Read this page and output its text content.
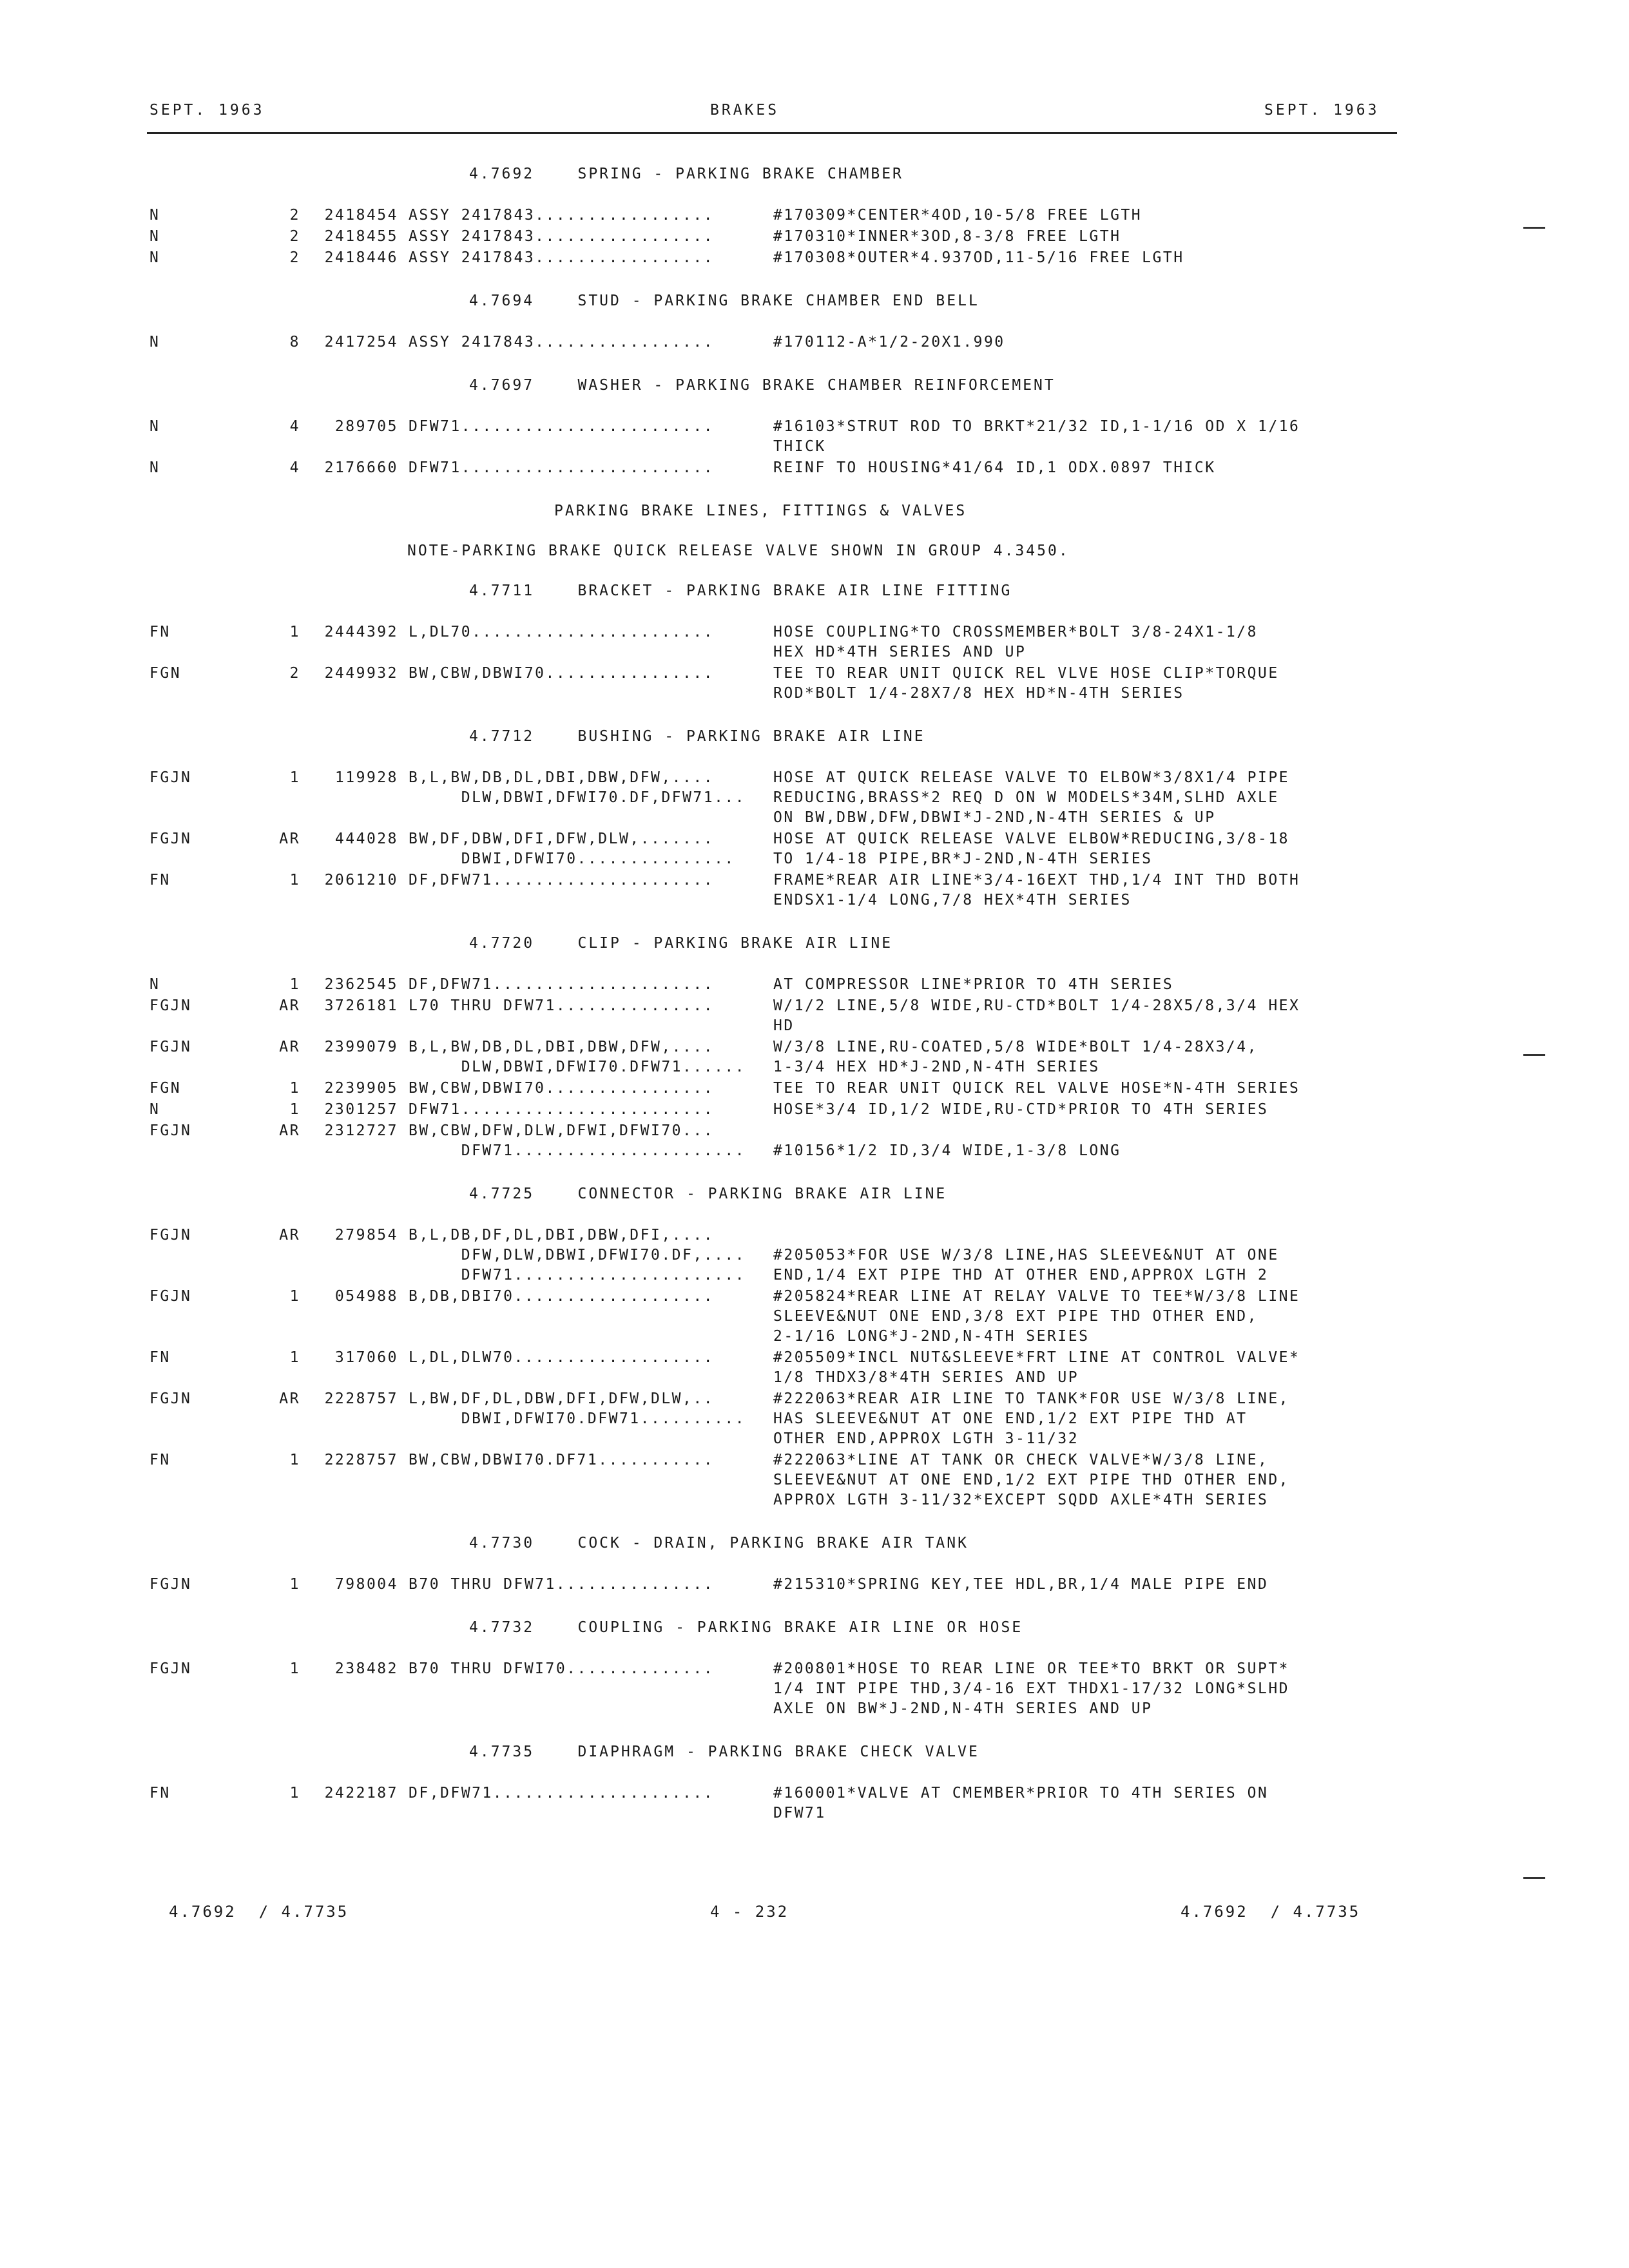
SEPT. 1963	BRAKES	SEPT. 1963
4.7692    SPRING - PARKING BRAKE CHAMBER
N	2	2418454 ASSY 2417843.................	#170309*CENTER*4OD,10-5/8 FREE LGTH
N	2	2418455 ASSY 2417843.................	#170310*INNER*3OD,8-3/8 FREE LGTH
N	2	2418446 ASSY 2417843.................	#170308*OUTER*4.937OD,11-5/16 FREE LGTH
4.7694    STUD - PARKING BRAKE CHAMBER END BELL
N	8	2417254 ASSY 2417843.................	#170112-A*1/2-20X1.990
4.7697    WASHER - PARKING BRAKE CHAMBER REINFORCEMENT
N	4	289705 DFW71........................	#16103*STRUT ROD TO BRKT*21/32 ID,1-1/16 OD X 1/16
THICK
N	4	2176660 DFW71........................	REINF TO HOUSING*41/64 ID,1 ODX.0897 THICK
PARKING BRAKE LINES, FITTINGS & VALVES
NOTE-PARKING BRAKE QUICK RELEASE VALVE SHOWN IN GROUP 4.3450.
4.7711    BRACKET - PARKING BRAKE AIR LINE FITTING
FN	1	2444392 L,DL70.......................	HOSE COUPLING*TO CROSSMEMBER*BOLT 3/8-24X1-1/8
HEX HD*4TH SERIES AND UP
FGN	2	2449932 BW,CBW,DBWI70................	TEE TO REAR UNIT QUICK REL VLVE HOSE CLIP*TORQUE
ROD*BOLT 1/4-28X7/8 HEX HD*N-4TH SERIES
4.7712    BUSHING - PARKING BRAKE AIR LINE
FGJN	1	119928 B,L,BW,DB,DL,DBI,DBW,DFW,....	HOSE AT QUICK RELEASE VALVE TO ELBOW*3/8X1/4 PIPE
DLW,DBWI,DFWI70.DF,DFW71... REDUCING,BRASS*2 REQ D ON W MODELS*34M,SLHD AXLE
ON BW,DBW,DFW,DBWI*J-2ND,N-4TH SERIES & UP
FGJN	AR	444028 BW,DF,DBW,DFI,DFW,DLW,.......	HOSE AT QUICK RELEASE VALVE ELBOW*REDUCING,3/8-18
DBWI,DFWI70...............	TO 1/4-18 PIPE,BR*J-2ND,N-4TH SERIES
FN	1	2061210 DF,DFW71.....................	FRAME*REAR AIR LINE*3/4-16EXT THD,1/4 INT THD BOTH
ENDSX1-1/4 LONG,7/8 HEX*4TH SERIES
4.7720    CLIP - PARKING BRAKE AIR LINE
N	1	2362545 DF,DFW71.....................	AT COMPRESSOR LINE*PRIOR TO 4TH SERIES
FGJN	AR	3726181 L70 THRU DFW71...............	W/1/2 LINE,5/8 WIDE,RU-CTD*BOLT 1/4-28X5/8,3/4 HEX
HD
FGJN	AR	2399079 B,L,BW,DB,DL,DBI,DBW,DFW,....	W/3/8 LINE,RU-COATED,5/8 WIDE*BOLT 1/4-28X3/4,
DLW,DBWI,DFWI70.DFW71...... 1-3/4 HEX HD*J-2ND,N-4TH SERIES
FGN	1	2239905 BW,CBW,DBWI70................	TEE TO REAR UNIT QUICK REL VALVE HOSE*N-4TH SERIES
N	1	2301257 DFW71........................	HOSE*3/4 ID,1/2 WIDE,RU-CTD*PRIOR TO 4TH SERIES
FGJN	AR	2312727 BW,CBW,DFW,DLW,DFWI,DFWI70...
DFW71...................... #10156*1/2 ID,3/4 WIDE,1-3/8 LONG
4.7725    CONNECTOR - PARKING BRAKE AIR LINE
FGJN	AR	279854 B,L,DB,DF,DL,DBI,DBW,DFI,....
DFW,DLW,DBWI,DFWI70.DF,.... #205053*FOR USE W/3/8 LINE,HAS SLEEVE&NUT AT ONE
DFW71...................... END,1/4 EXT PIPE THD AT OTHER END,APPROX LGTH 2
FGJN	1	054988 B,DB,DBI70...................	#205824*REAR LINE AT RELAY VALVE TO TEE*W/3/8 LINE
SLEEVE&NUT ONE END,3/8 EXT PIPE THD OTHER END,
2-1/16 LONG*J-2ND,N-4TH SERIES
FN	1	317060 L,DL,DLW70...................	#205509*INCL NUT&SLEEVE*FRT LINE AT CONTROL VALVE*
1/8 THDX3/8*4TH SERIES AND UP
FGJN	AR	2228757 L,BW,DF,DL,DBW,DFI,DFW,DLW,..	#222063*REAR AIR LINE TO TANK*FOR USE W/3/8 LINE,
DBWI,DFWI70.DFW71.......... HAS SLEEVE&NUT AT ONE END,1/2 EXT PIPE THD AT
OTHER END,APPROX LGTH 3-11/32
FN	1	2228757 BW,CBW,DBWI70.DF71...........	#222063*LINE AT TANK OR CHECK VALVE*W/3/8 LINE,
SLEEVE&NUT AT ONE END,1/2 EXT PIPE THD OTHER END,
APPROX LGTH 3-11/32*EXCEPT SQDD AXLE*4TH SERIES
4.7730    COCK - DRAIN, PARKING BRAKE AIR TANK
FGJN	1	798004 B70 THRU DFW71...............	#215310*SPRING KEY,TEE HDL,BR,1/4 MALE PIPE END
4.7732    COUPLING - PARKING BRAKE AIR LINE OR HOSE
FGJN	1	238482 B70 THRU DFWI70..............	#200801*HOSE TO REAR LINE OR TEE*TO BRKT OR SUPT*
1/4 INT PIPE THD,3/4-16 EXT THDX1-17/32 LONG*SLHD
AXLE ON BW*J-2ND,N-4TH SERIES AND UP
4.7735    DIAPHRAGM - PARKING BRAKE CHECK VALVE
FN	1	2422187 DF,DFW71.....................	#160001*VALVE AT CMEMBER*PRIOR TO 4TH SERIES ON
DFW71
4.7692  / 4.7735	4 - 232	4.7692  / 4.7735
